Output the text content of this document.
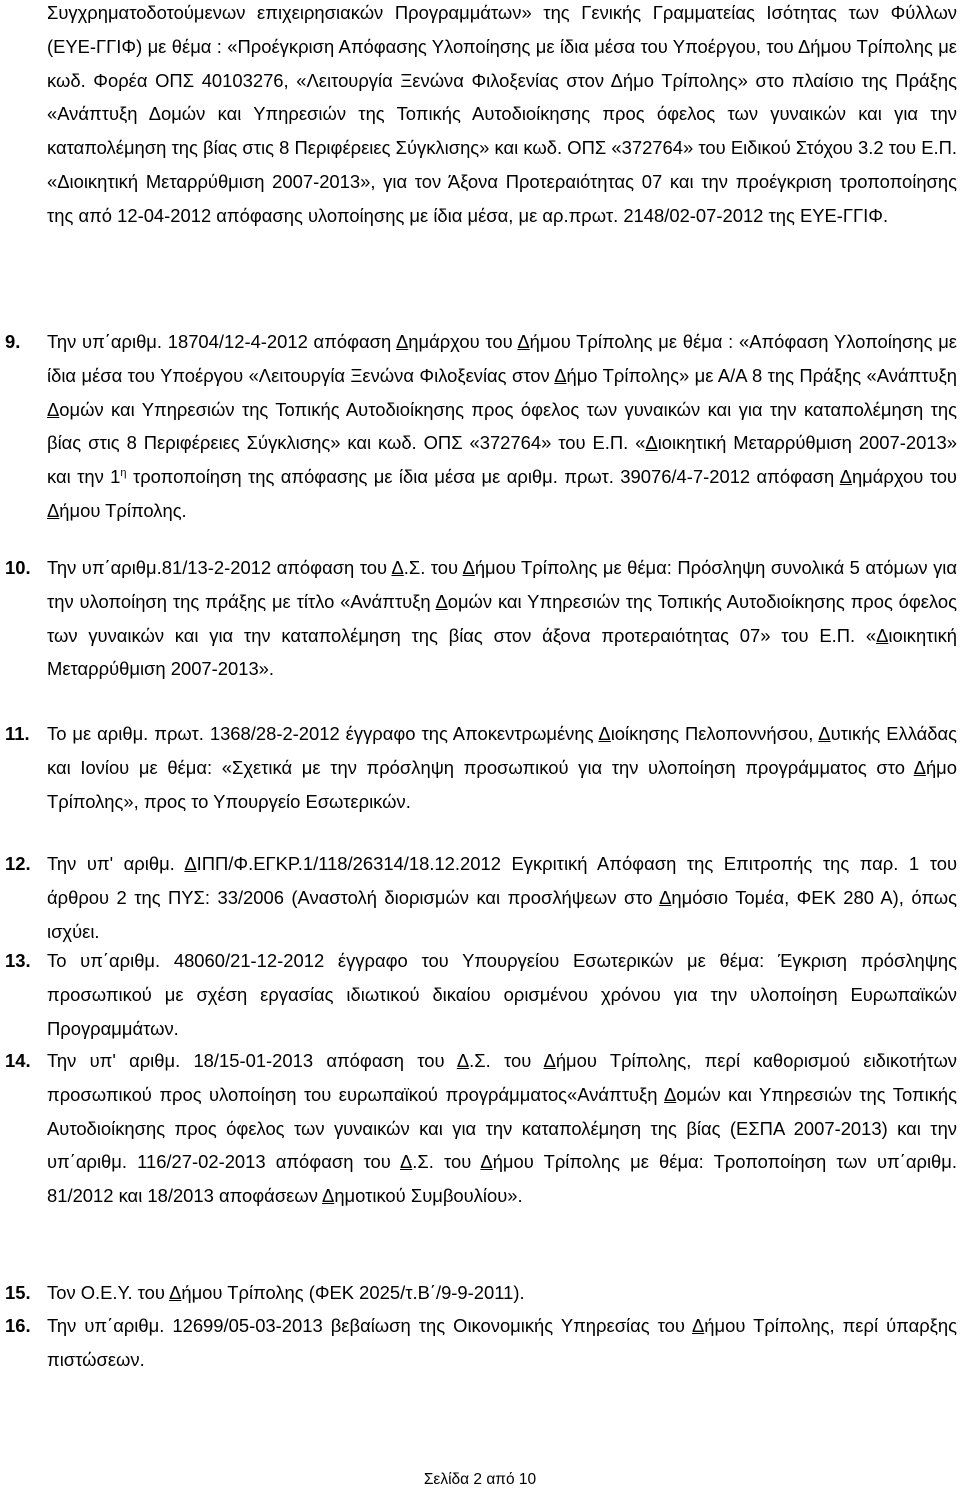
Συγχρηματοδοτούμενων επιχειρησιακών Προγραμμάτων» της Γενικής Γραμματείας Ισότητας των Φύλλων (ΕΥΕ-ΓΓΙΦ) με θέμα : «Προέγκριση Απόφασης Υλοποίησης με ίδια μέσα του Υποέργου, του Δήμου Τρίπολης με κωδ. Φορέα ΟΠΣ 40103276, «Λειτουργία Ξενώνα Φιλοξενίας στον Δήμο Τρίπολης» στο πλαίσιο της Πράξης «Ανάπτυξη Δομών και Υπηρεσιών της Τοπικής Αυτοδιοίκησης προς όφελος των γυναικών και για την καταπολέμηση της βίας στις 8 Περιφέρειες Σύγκλισης» και κωδ. ΟΠΣ «372764» του Ειδικού Στόχου 3.2 του Ε.Π. «Διοικητική Μεταρρύθμιση 2007-2013», για τον Άξονα Προτεραιότητας 07 και την προέγκριση τροποποίησης της από 12-04-2012 απόφασης υλοποίησης με ίδια μέσα, με αρ.πρωτ. 2148/02-07-2012 της ΕΥΕ-ΓΓΙΦ.

9.	Την υπ΄αριθμ. 18704/12-4-2012 απόφαση Δημάρχου του Δήμου Τρίπολης με θέμα : «Απόφαση Υλοποίησης με ίδια μέσα του Υποέργου «Λειτουργία Ξενώνα Φιλοξενίας στον Δήμο Τρίπολης» με Α/Α 8 της Πράξης «Ανάπτυξη Δομών και Υπηρεσιών της Τοπικής Αυτοδιοίκησης προς όφελος των γυναικών και για την καταπολέμηση της βίας στις 8 Περιφέρειες Σύγκλισης» και κωδ. ΟΠΣ «372764» του Ε.Π. «Διοικητική Μεταρρύθμιση 2007-2013» και την $1^\eta$ τροποποίηση της απόφασης με ίδια μέσα με αριθμ. πρωτ. 39076/4-7-2012 απόφαση Δημάρχου του Δήμου Τρίπολης.
10. Την υπ΄αριθμ.81/13-2-2012 απόφαση του Δ.Σ. του Δήμου Τρίπολης με θέμα: Πρόσληψη συνολικά 5 ατόμων για την υλοποίηση της πράξης με τίτλο «Ανάπτυξη Δομών και Υπηρεσιών της Τοπικής Αυτοδιοίκησης προς όφελος των γυναικών και για την καταπολέμηση της βίας στον άξονα προτεραιότητας 07» του Ε.Π. «Διοικητική Μεταρρύθμιση 2007-2013».
11. Το με αριθμ. πρωτ. 1368/28-2-2012 έγγραφο της Αποκεντρωμένης Διοίκησης Πελοποννήσου, Δυτικής Ελλάδας και Ιονίου με θέμα: «Σχετικά με την πρόσληψη προσωπικού για την υλοποίηση προγράμματος στο Δήμο Τρίπολης», προς το Υπουργείο Εσωτερικών.
12. Την υπ' αριθμ. ΔΙΠΠ/Φ.ΕΓΚΡ.1/118/26314/18.12.2012 Εγκριτική Απόφαση της Επιτροπής της παρ. 1 του άρθρου 2 της ΠΥΣ: 33/2006 (Αναστολή διορισμών και προσλήψεων στο Δημόσιο Τομέα, ΦΕΚ 280 Α), όπως ισχύει.
13. Το υπ΄αριθμ. 48060/21-12-2012 έγγραφο του Υπουργείου Εσωτερικών με θέμα: Έγκριση πρόσληψης προσωπικού με σχέση εργασίας ιδιωτικού δικαίου ορισμένου χρόνου για την υλοποίηση Ευρωπαϊκών Προγραμμάτων.
14. Την υπ' αριθμ. 18/15-01-2013 απόφαση του Δ.Σ. του Δήμου Τρίπολης, περί καθορισμού ειδικοτήτων προσωπικού προς υλοποίηση του ευρωπαϊκού προγράμματος«Ανάπτυξη Δομών και Υπηρεσιών της Τοπικής Αυτοδιοίκησης προς όφελος των γυναικών και για την καταπολέμηση της βίας (ΕΣΠΑ 2007-2013) και την υπ΄αριθμ. 116/27-02-2013 απόφαση του Δ.Σ. του Δήμου Τρίπολης με θέμα: Τροποποίηση των υπ΄αριθμ. 81/2012 και 18/2013 αποφάσεων Δημοτικού Συμβουλίου».
15. Τον Ο.Ε.Υ. του Δήμου Τρίπολης (ΦΕΚ 2025/τ.Β΄/9-9-2011).
16. Την υπ΄αριθμ. 12699/05-03-2013 βεβαίωση της Οικονομικής Υπηρεσίας του Δήμου Τρίπολης, περί ύπαρξης πιστώσεων.
Σελίδα 2 από 10
